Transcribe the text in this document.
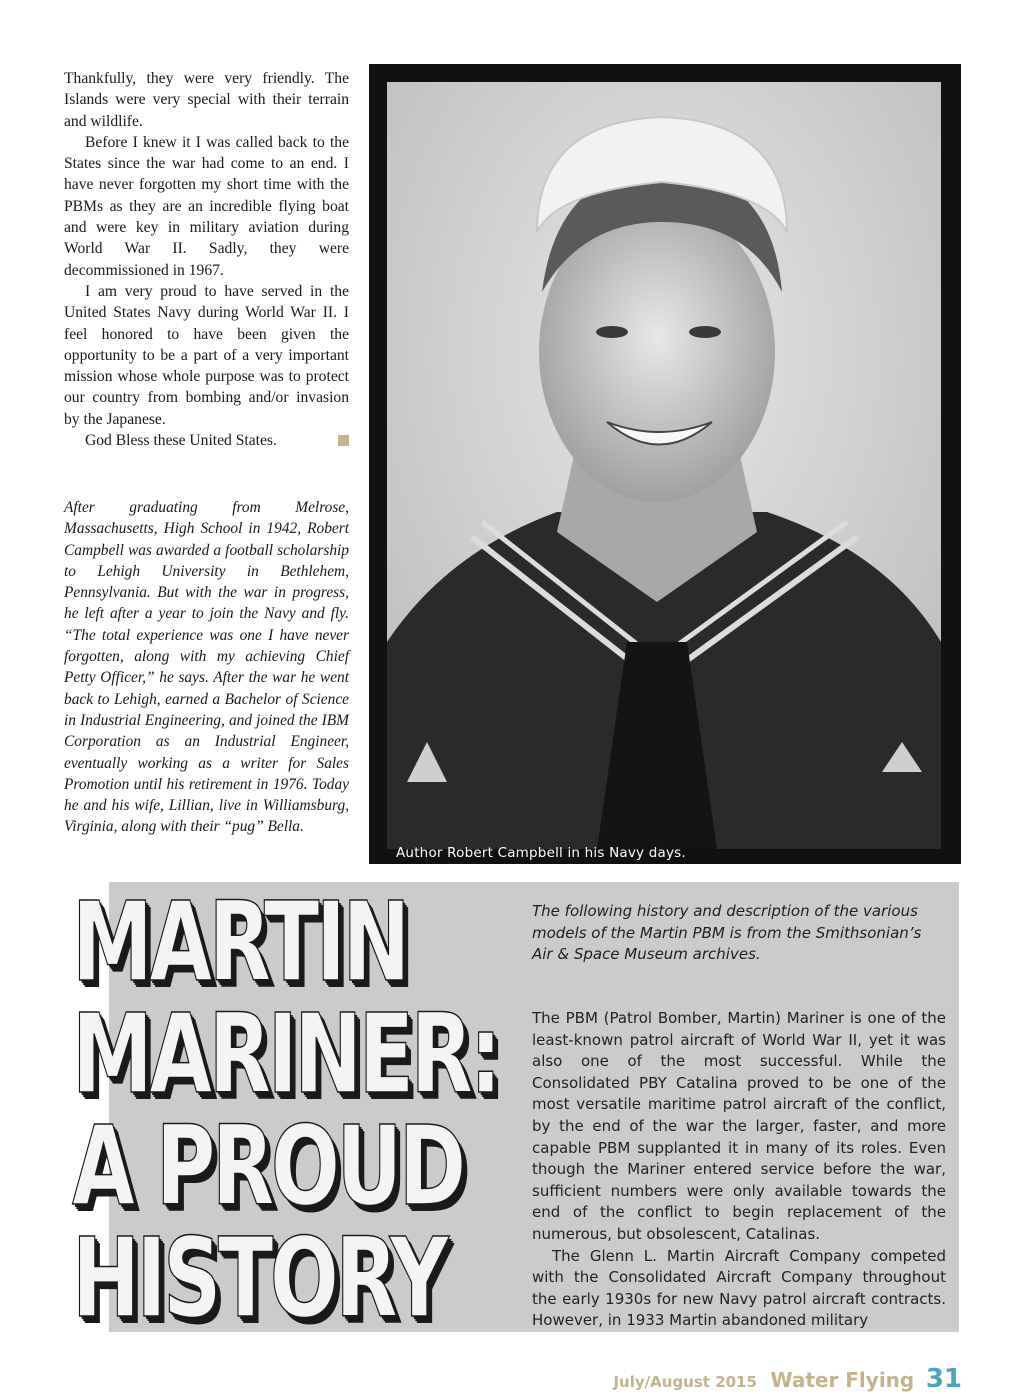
Thankfully, they were very friendly. The Islands were very special with their terrain and wildlife.

Before I knew it I was called back to the States since the war had come to an end. I have never forgotten my short time with the PBMs as they are an incredible flying boat and were key in military aviation during World War II. Sadly, they were decommissioned in 1967.

I am very proud to have served in the United States Navy during World War II. I feel honored to have been given the opportunity to be a part of a very important mission whose whole purpose was to protect our country from bombing and/or invasion by the Japanese.

God Bless these United States.

After graduating from Melrose, Massachusetts, High School in 1942, Robert Campbell was awarded a football scholarship to Lehigh University in Bethlehem, Pennsylvania. But with the war in progress, he left after a year to join the Navy and fly. “The total experience was one I have never forgotten, along with my achieving Chief Petty Officer,” he says. After the war he went back to Lehigh, earned a Bachelor of Science in Industrial Engineering, and joined the IBM Corporation as an Industrial Engineer, eventually working as a writer for Sales Promotion until his retirement in 1976. Today he and his wife, Lillian, live in Williamsburg, Virginia, along with their “pug” Bella.

Author Robert Campbell in his Navy days.
MARTIN
MARINER:
A PROUD
HISTORY

The following history and description of the various models of the Martin PBM is from the Smithsonian’s Air & Space Museum archives.

The PBM (Patrol Bomber, Martin) Mariner is one of the least-known patrol aircraft of World War II, yet it was also one of the most successful. While the Consolidated PBY Catalina proved to be one of the most versatile maritime patrol aircraft of the conflict, by the end of the war the larger, faster, and more capable PBM supplanted it in many of its roles. Even though the Mariner entered service before the war, sufficient numbers were only available towards the end of the conflict to begin replacement of the numerous, but obsolescent, Catalinas.

The Glenn L. Martin Aircraft Company competed with the Consolidated Aircraft Company throughout the early 1930s for new Navy patrol aircraft contracts. However, in 1933 Martin abandoned military

July/August 2015 Water Flying 31
